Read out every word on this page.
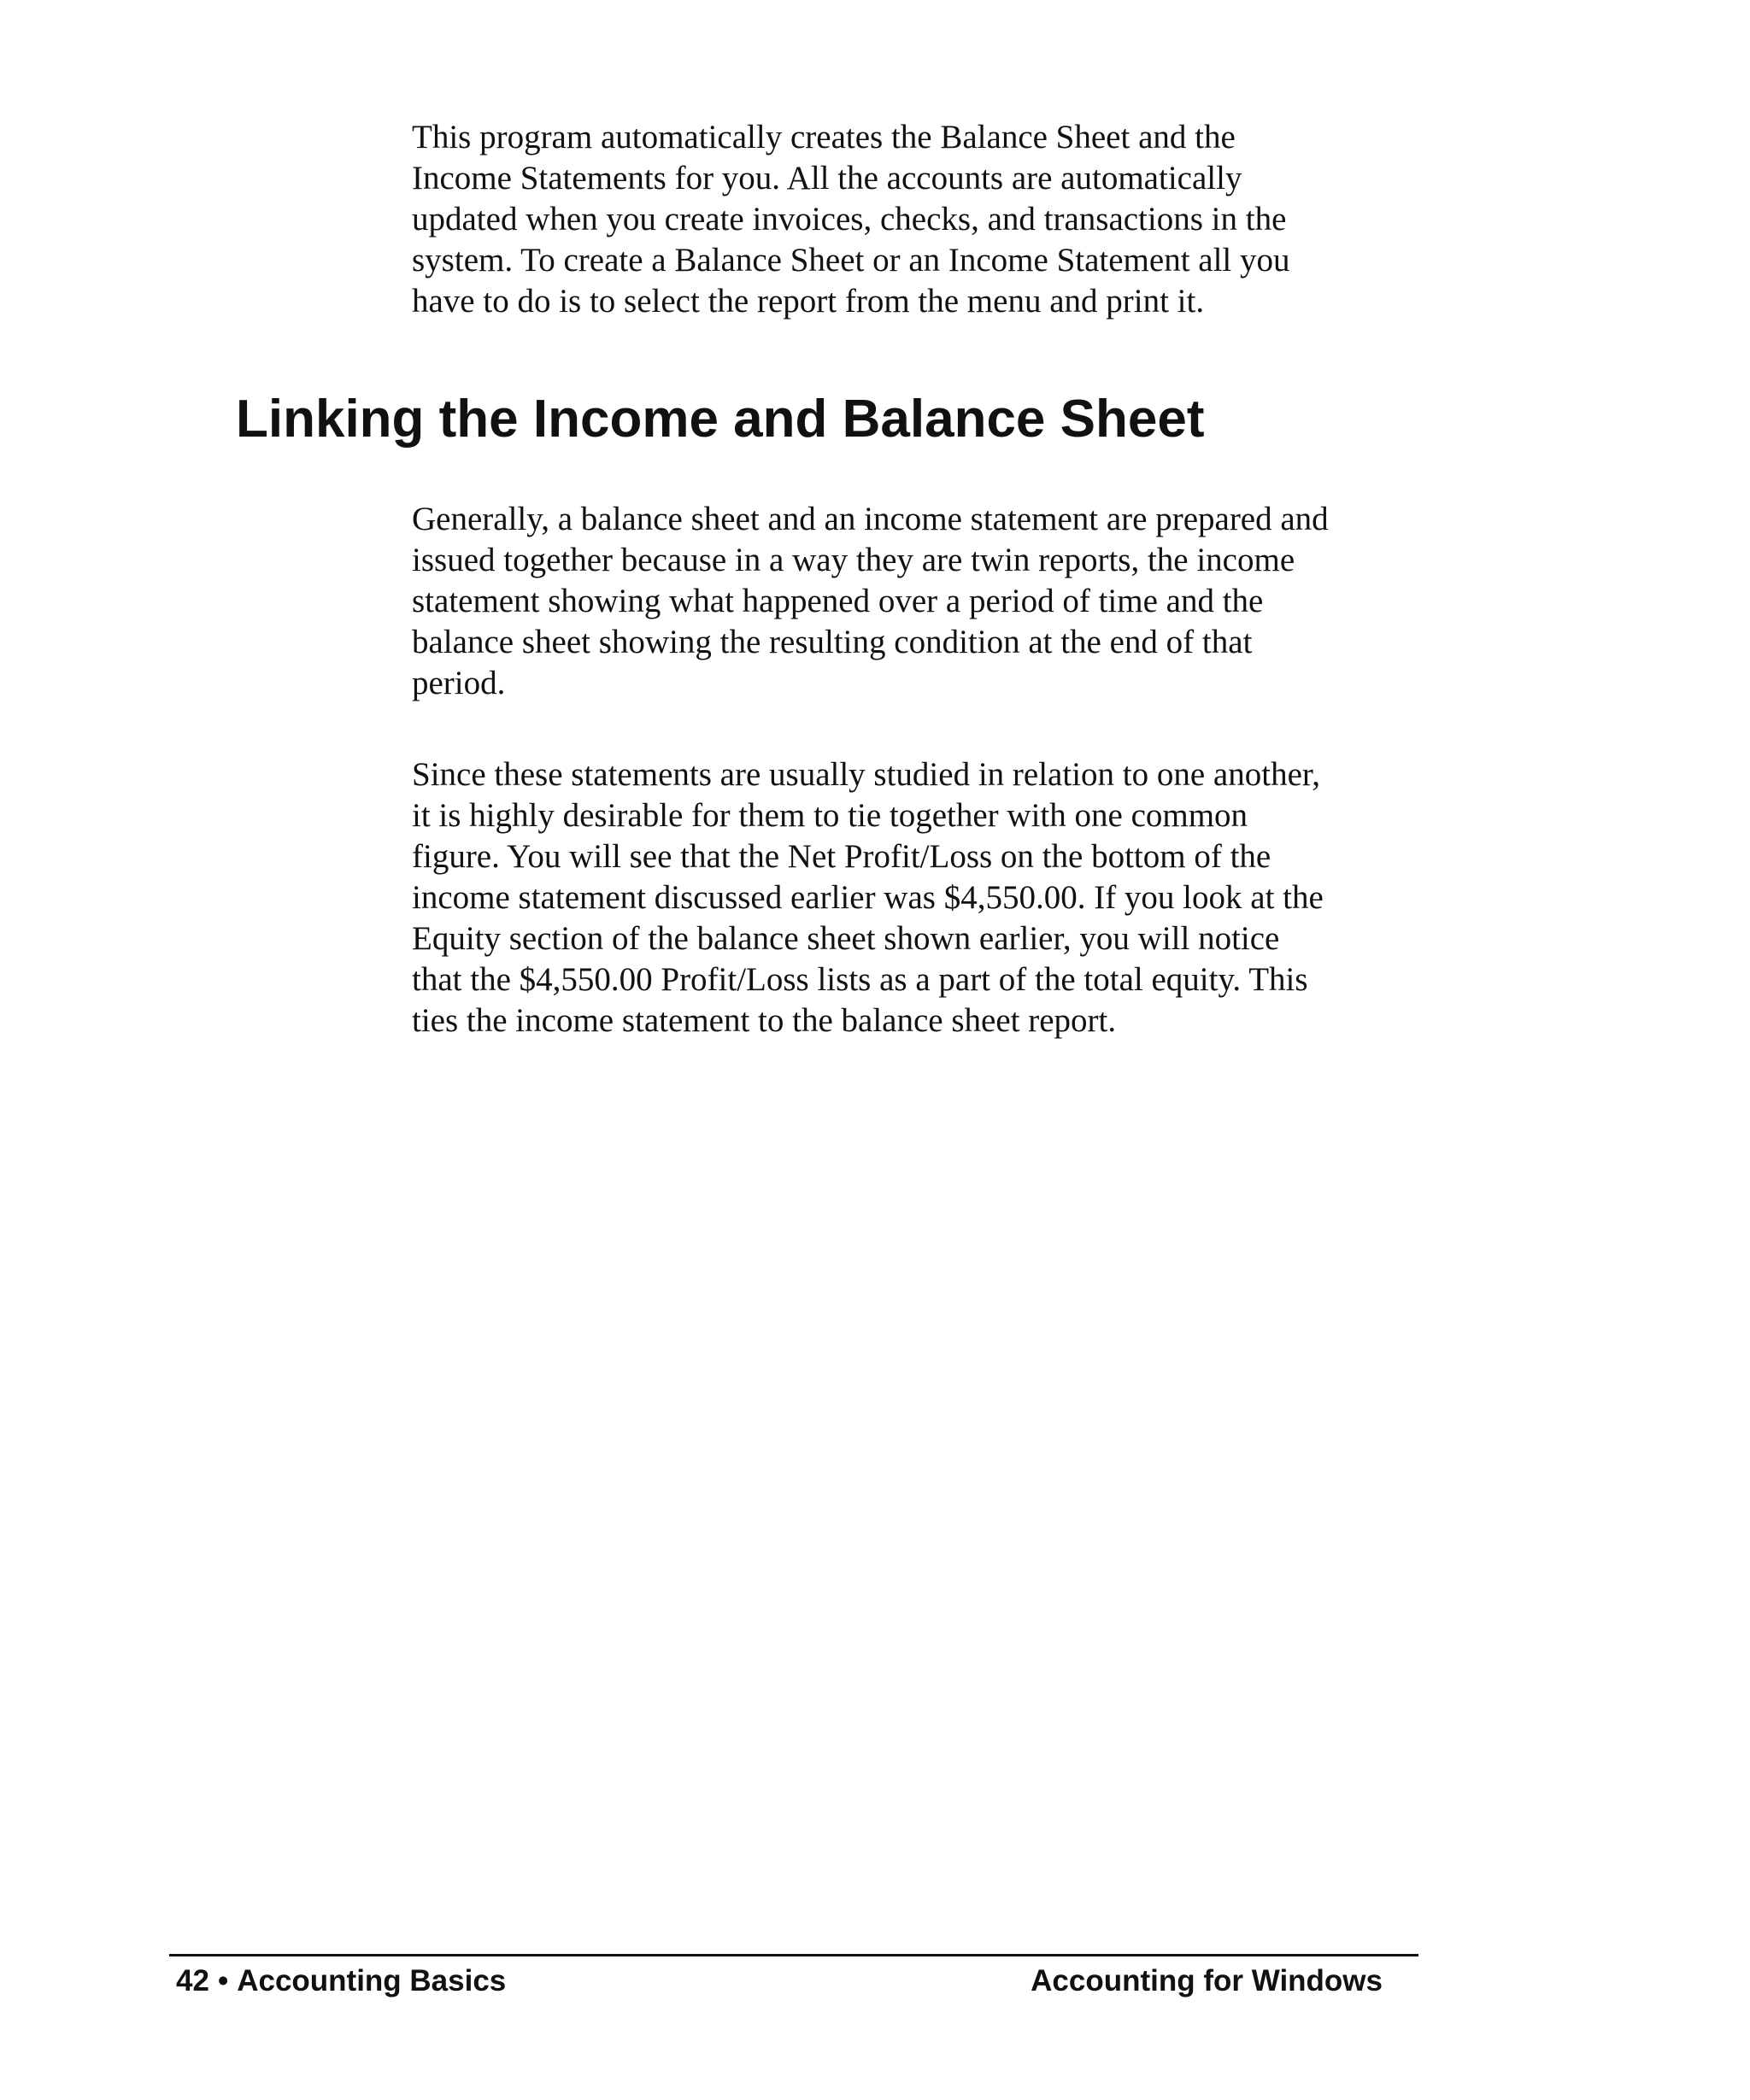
This program automatically creates the Balance Sheet and the
Income Statements for you. All the accounts are automatically
updated when you create invoices, checks, and transactions in the
system. To create a Balance Sheet or an Income Statement all you
have to do is to select the report from the menu and print it.

Linking the Income and Balance Sheet

Generally, a balance sheet and an income statement are prepared and
issued together because in a way they are twin reports, the income
statement showing what happened over a period of time and the
balance sheet showing the resulting condition at the end of that
period.

Since these statements are usually studied in relation to one another,
it is highly desirable for them to tie together with one common
figure. You will see that the Net Profit/Loss on the bottom of the
income statement discussed earlier was $4,550.00. If you look at the
Equity section of the balance sheet shown earlier, you will notice
that the $4,550.00 Profit/Loss lists as a part of the total equity. This
ties the income statement to the balance sheet report.

42 • Accounting Basics	Accounting for Windows
